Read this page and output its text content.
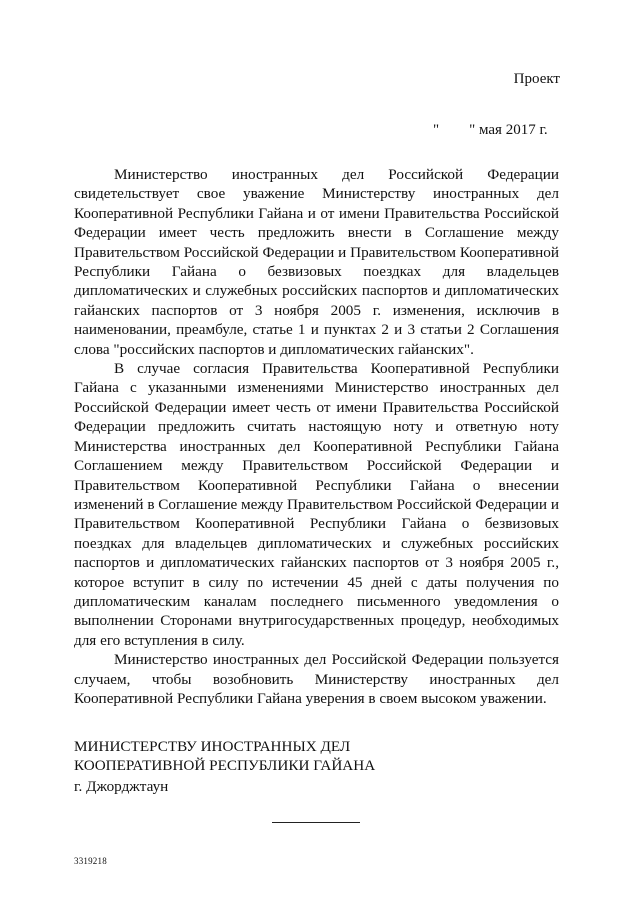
Проект
"        " мая 2017 г.

Министерство иностранных дел Российской Федерации свидетельствует свое уважение Министерству иностранных дел Кооперативной Республики Гайана и от имени Правительства Российской Федерации имеет честь предложить внести в Соглашение между Правительством Российской Федерации и Правительством Кооперативной Республики Гайана о безвизовых поездках для владельцев дипломатических и служебных российских паспортов и дипломатических гайанских паспортов от 3 ноября 2005 г. изменения, исключив в наименовании, преамбуле, статье 1 и пунктах 2 и 3 статьи 2 Соглашения слова "российских паспортов и дипломатических гайанских".

В случае согласия Правительства Кооперативной Республики Гайана с указанными изменениями Министерство иностранных дел Российской Федерации имеет честь от имени Правительства Российской Федерации предложить считать настоящую ноту и ответную ноту Министерства иностранных дел Кооперативной Республики Гайана Соглашением между Правительством Российской Федерации и Правительством Кооперативной Республики Гайана о внесении изменений в Соглашение между Правительством Российской Федерации и Правительством Кооперативной Республики Гайана о безвизовых поездках для владельцев дипломатических и служебных российских паспортов и дипломатических гайанских паспортов от 3 ноября 2005 г., которое вступит в силу по истечении 45 дней с даты получения по дипломатическим каналам последнего письменного уведомления о выполнении Сторонами внутригосударственных процедур, необходимых для его вступления в силу.

Министерство иностранных дел Российской Федерации пользуется случаем, чтобы возобновить Министерству иностранных дел Кооперативной Республики Гайана уверения в своем высоком уважении.

МИНИСТЕРСТВУ ИНОСТРАННЫХ ДЕЛ
КООПЕРАТИВНОЙ РЕСПУБЛИКИ ГАЙАНА
г. Джорджтаун
3319218
